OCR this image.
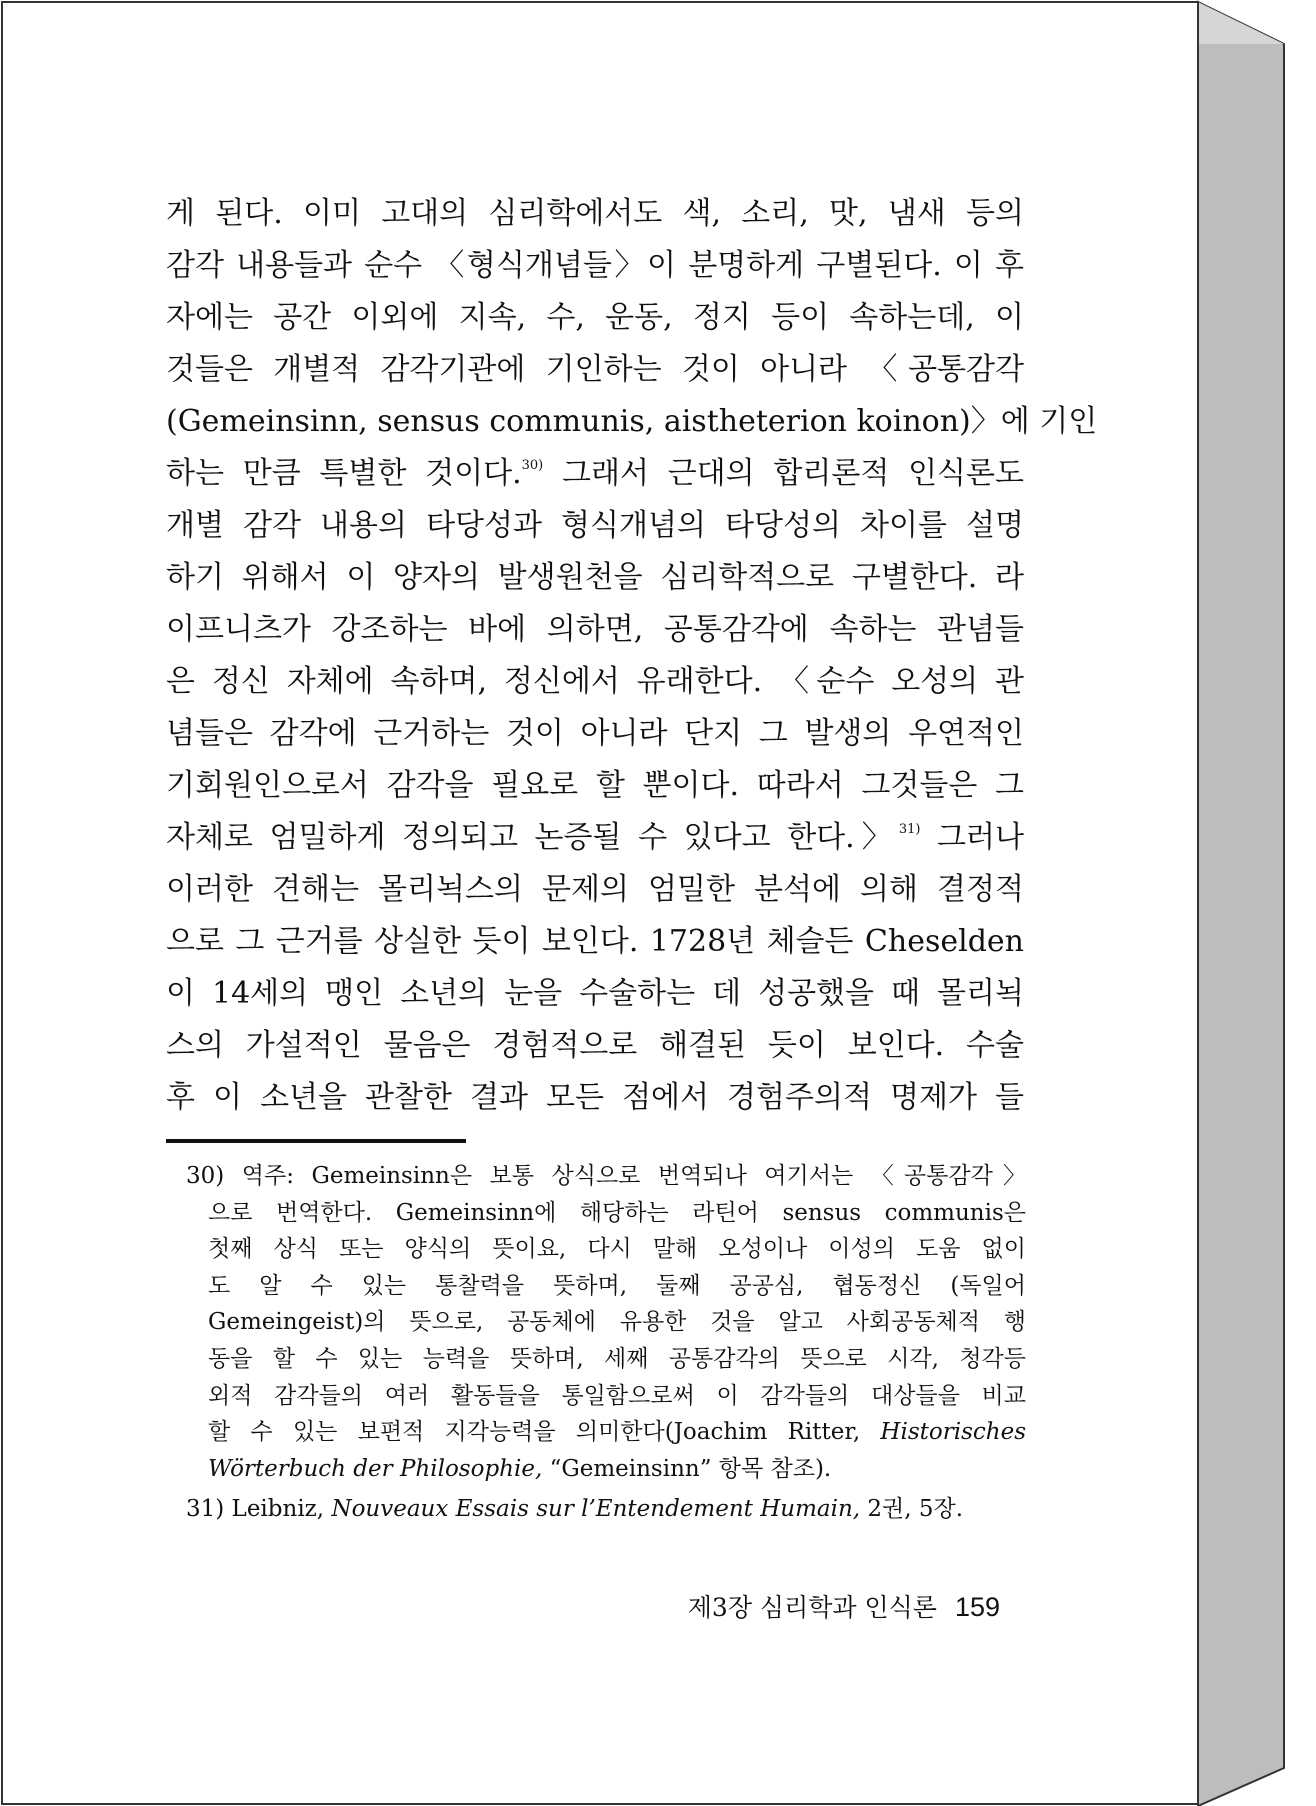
게 된다. 이미 고대의 심리학에서도 색, 소리, 맛, 냄새 등의
감각 내용들과 순수 〈형식개념들〉이 분명하게 구별된다. 이 후
자에는 공간 이외에 지속, 수, 운동, 정지 등이 속하는데, 이
것들은 개별적 감각기관에 기인하는 것이 아니라 〈공통감각
(Gemeinsinn, sensus communis, aistheterion koinon)〉에 기인
하는 만큼 특별한 것이다.$^{30)}$ 그래서 근대의 합리론적 인식론도
개별 감각 내용의 타당성과 형식개념의 타당성의 차이를 설명
하기 위해서 이 양자의 발생원천을 심리학적으로 구별한다. 라
이프니츠가 강조하는 바에 의하면, 공통감각에 속하는 관념들
은 정신 자체에 속하며, 정신에서 유래한다. 〈순수 오성의 관
념들은 감각에 근거하는 것이 아니라 단지 그 발생의 우연적인
기회원인으로서 감각을 필요로 할 뿐이다. 따라서 그것들은 그
자체로 엄밀하게 정의되고 논증될 수 있다고 한다.〉$^{31)}$ 그러나
이러한 견해는 몰리뇍스의 문제의 엄밀한 분석에 의해 결정적
으로 그 근거를 상실한 듯이 보인다. 1728년 체슬든 Cheselden
이 14세의 맹인 소년의 눈을 수술하는 데 성공했을 때 몰리뇍
스의 가설적인 물음은 경험적으로 해결된 듯이 보인다. 수술
후 이 소년을 관찰한 결과 모든 점에서 경험주의적 명제가 들
30) 역주: Gemeinsinn은 보통 상식으로 번역되나 여기서는 〈공통감각〉
으로 번역한다. Gemeinsinn에 해당하는 라틴어 sensus communis은
첫째 상식 또는 양식의 뜻이요, 다시 말해 오성이나 이성의 도움 없이
도 알 수 있는 통찰력을 뜻하며, 둘째 공공심, 협동정신 (독일어
Gemeingeist)의 뜻으로, 공동체에 유용한 것을 알고 사회공동체적 행
동을 할 수 있는 능력을 뜻하며, 세째 공통감각의 뜻으로 시각, 청각등
외적 감각들의 여러 활동들을 통일함으로써 이 감각들의 대상들을 비교
할 수 있는 보편적 지각능력을 의미한다(Joachim Ritter, Historisches
Wörterbuch der Philosophie, “Gemeinsinn” 항목 참조).
31) Leibniz, Nouveaux Essais sur l’Entendement Humain, 2권, 5장.
제3장 심리학과 인식론 159
